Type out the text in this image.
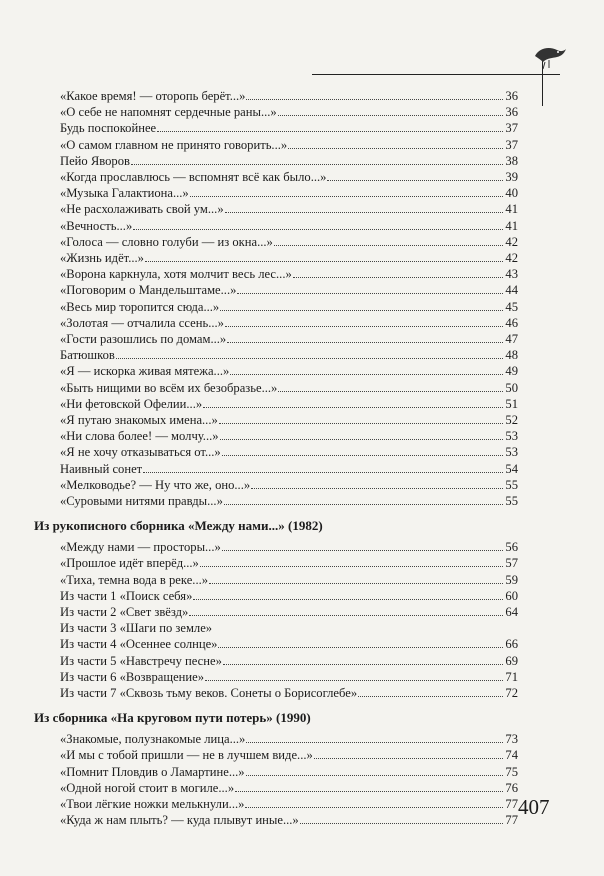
«Какое время! — оторопь берёт...»	36
«О себе не напомнят сердечные раны...»	36
Будь поспокойнее	37
«О самом главном не принято говорить...»	37
Пейо Яворов	38
«Когда прославлюсь — вспомнят всё как было...»	39
«Музыка Галактиона...»	40
«Не расхолаживать свой ум...»	41
«Вечность...»	41
«Голоса — словно голуби — из окна...»	42
«Жизнь идёт...»	42
«Ворона каркнула, хотя молчит весь лес...»	43
«Поговорим о Мандельштаме...»	44
«Весь мир торопится сюда...»	45
«Золотая — отчалила ссень...»	46
«Гости разошлись по домам...»	47
Батюшков	48
«Я — искорка живая мятежа...»	49
«Быть нищими во всём их безобразье...»	50
«Ни фетовской Офелии...»	51
«Я путаю знакомых имена...»	52
«Ни слова более! — молчу...»	53
«Я не хочу отказываться от...»	53
Наивный сонет	54
«Мелководье? — Ну что же, оно...»	55
«Суровыми нитями правды...»	55
Из рукописного сборника «Между нами...» (1982)
«Между нами — просторы...»	56
«Прошлое идёт вперёд...»	57
«Тиха, темна вода в реке...»	59
Из части 1 «Поиск себя»	60
Из части 2 «Свет звёзд»	64
Из части 3 «Шаги по земле»
Из части 4 «Осеннее солнце»	66
Из части 5 «Навстречу песне»	69
Из части 6 «Возвращение»	71
Из части 7 «Сквозь тьму веков. Сонеты о Борисоглебе»	72
Из сборника «На круговом пути потерь» (1990)
«Знакомые, полузнакомые лица...»	73
«И мы с тобой пришли — не в лучшем виде...»	74
«Помнит Пловдив о Ламартине...»	75
«Одной ногой стоит в могиле...»	76
«Твои лёгкие ножки мелькнули...»	77
«Куда ж нам плыть? — куда плывут иные...»	77
407
